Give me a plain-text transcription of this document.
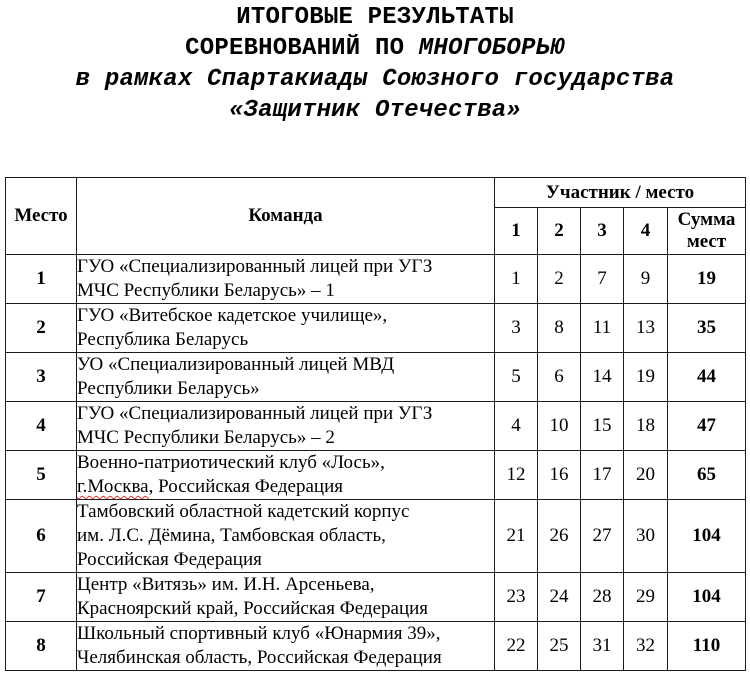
ИТОГОВЫЕ РЕЗУЛЬТАТЫ
СОРЕВНОВАНИЙ ПО МНОГОБОРЬЮ
в рамках Спартакиады Союзного государства
«Защитник Отечества»
Место	Команда	Участник / место				
		1	2	3	4	Сумма
мест
1	ГУО «Специализированный лицей при УГЗ
МЧС Республики Беларусь» – 1	1	2	7	9	19
2	ГУО «Витебское кадетское училище»,
Республика Беларусь	3	8	11	13	35
3	УО «Специализированный лицей МВД
Республики Беларусь»	5	6	14	19	44
4	ГУО «Специализированный лицей при УГЗ
МЧС Республики Беларусь» – 2	4	10	15	18	47
5	Военно-патриотический клуб «Лось»,
г.Москва, Российская Федерация	12	16	17	20	65
6	Тамбовский областной кадетский корпус
им. Л.С. Дёмина, Тамбовская область,
Российская Федерация	21	26	27	30	104
7	Центр «Витязь» им. И.Н. Арсеньева,
Красноярский край, Российская Федерация	23	24	28	29	104
8	Школьный спортивный клуб «Юнармия 39»,
Челябинская область, Российская Федерация	22	25	31	32	110
